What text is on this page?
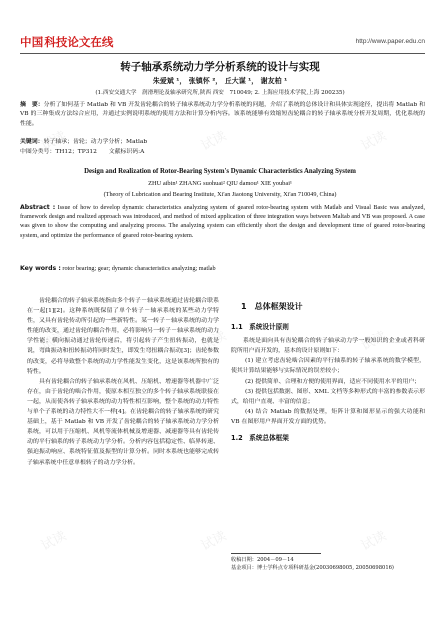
试读	试读	试读
试读	试读	试读
试读	试读	试读
中国 科技论文在线	http://www.paper.edu.cn
转子轴承系统动力学分析系统的设计与实现
朱爱斌 ¹， 张镇怀 ²， 丘大谋 ¹， 谢友柏 ¹
(1.西安交通大学　润滑理论及轴承研究所,陕西 西安　710049; 2. 上海应用技术学院,上海 200235)
摘　要：分析了如何基于 Matlab 和 VB 开发齿轮耦合的转子轴承系统动力学分析系统的问题，介绍了系统的总体设计和具体实现途径，提出将 Matlab 和 VB 的三种集成方法综合应用，并通过实例说明系统的使用方法和计算分析内容。该系统能够有效缩短齿轮耦合的转子轴承系统分析开发周期，优化系统的性能。
关键词：转子轴承；齿轮；动力学分析；Matlab
中图分类号：TH12；TP312　　文献标识码:A
Design and Realization of Rotor-Bearing System's Dynamic Characteristics Analyzing System
ZHU aibin¹ ZHANG suohuai² QIU damou¹ XIE youbai¹
(Theory of Lubrication and Bearing Institute, Xi'an Jiaotong University, Xi'an 710049, China)
Abstract : Issue of how to develop dynamic characteristics analyzing system of geared rotor-bearing system with Matlab and Visual Basic was analyzed, framework design and realized approach was introduced, and method of mixed application of three integration ways between Maltab and VB was proposed. A case was given to show the computing and analyzing process. The analyzing system can efficiently short the design and development time of geared rotor-bearing system, and optimize the performance of geared rotor-bearing system.
Key words : rotor bearing; gear; dynamic characteristics analyzing; matlab

齿轮耦合的转子轴承系统指由多个转子－轴承系统通过齿轮耦合联系在一起[1][2]。这种系统既保留了单个转子－轴承系统的某些动力学特性，又具有齿轮传动所引起的一些新特性。某一转子－轴承系统的动力学性能的改变，通过齿轮的耦合作用，必将影响另一转子－轴承系统的动力学性能；横向振动通过齿轮传递后，将引起转子产生扭转振动，也就是说，弯曲振动和扭转振动将同时发生，即发生弯扭耦合振动[3]；齿轮参数的改变，必将导致整个系统的动力学性能发生变化，这是该系统所独有的特性。

具有齿轮耦合的转子轴承系统在风机、压缩机、增速器等机器中广泛存在，由于齿轮的啮合作用，使原本相互独立的多个转子轴承系统联接在一起，从而使各转子轴承系统的动力特性相互影响，整个系统的动力特性与单个子系统的动力特性大不一样[4]。在齿轮耦合的转子轴承系统的研究基础上，基于 Matlab 和 VB 开发了齿轮耦合的转子轴承系统动力学分析系统，可以用于压缩机、风机等流体机械及增速器、减速器等具有齿轮传动的平行轴系的转子系统动力学分析。分析内容包括稳定性、临界转速、强迫振动响应、系统特征值及振型的计算分析。同时本系统也能够完成转子轴承系统中任意单根转子的动力学分析。

1　总体框架设计
1.1　系统设计原则

系统是面向具有齿轮耦合的转子轴承动力学一般知识的企业或者科研院所用户而开发的，基本的设计原则如下：

(1) 建立考虑齿轮啮合因素的平行轴系的转子轴承系统的数学模型，使其计算结果能够与实际情况的误差较小；

(2) 提供简单、合理和方便的使用界面，适应不同使用水平的用户；

(3) 提供包括数据、图形、XML 文档等多种形式的丰富的参数表示形式，给用户直观、丰富的信息；

(4) 结合 Matlab 的数据处理，矩阵计算和图形显示的强大功能和 VB 在图形用户界面开发方面的优势。

1.2　系统总体框架
收稿日期：2004－09－14
基金项目：博士学科点专项科研基金(20030698005, 20050698016)
